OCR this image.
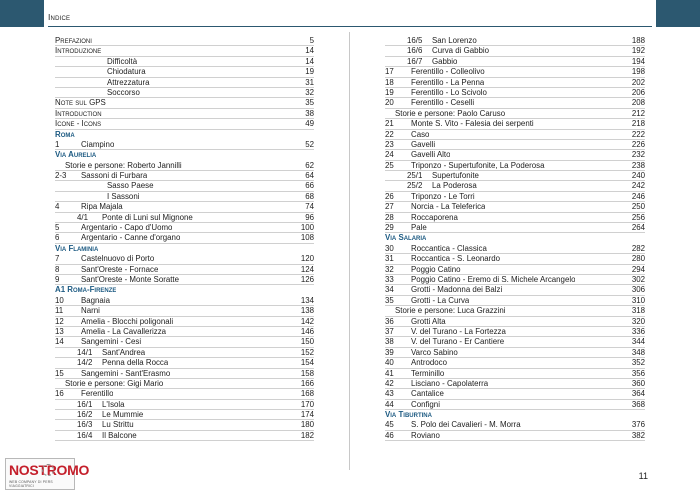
Indice
Prefazioni	5
Introduzione	14
Difficoltà	14
Chiodatura	19
Attrezzatura	31
Soccorso	32
Note sul GPS	35
Introduction	38
Icone - Icons	49
Roma
1	Ciampino	52
Via Aurelia
Storie e persone: Roberto Jannilli	62
2-3	Sassoni di Furbara	64
Sasso Paese	66
I Sassoni	68
4	Ripa Majala	74
4/1	Ponte di Luni sul Mignone	96
5	Argentario - Capo d'Uomo	100
6	Argentario - Canne d'organo	108
Via Flaminia
7	Castelnuovo di Porto	120
8	Sant'Oreste - Fornace	124
9	Sant'Oreste - Monte Soratte	126
A1 Roma-Firenze
10	Bagnaia	134
11	Narni	138
12	Amelia - Blocchi poligonali	142
13	Amelia - La Cavallerizza	146
14	Sangemini - Cesi	150
14/1	Sant'Andrea	152
14/2	Penna della Rocca	154
15	Sangemini - Sant'Erasmo	158
Storie e persone: Gigi Mario	166
16	Ferentillo	168
16/1	L'Isola	170
16/2	Le Mummie	174
16/3	Lu Strittu	180
16/4	Il Balcone	182
16/5	San Lorenzo	188
16/6	Curva di Gabbio	192
16/7	Gabbio	194
17	Ferentillo - Colleolivo	198
18	Ferentillo - La Penna	202
19	Ferentillo - Lo Scivolo	206
20	Ferentillo - Ceselli	208
Storie e persone: Paolo Caruso	212
21	Monte S. Vito - Falesia dei serpenti	218
22	Caso	222
23	Gavelli	226
24	Gavelli Alto	232
25	Triponzo - Supertufonite, La Poderosa	238
25/1	Supertufonite	240
25/2	La Poderosa	242
26	Triponzo - Le Torri	246
27	Norcia - La Teleferica	250
28	Roccaporena	256
29	Pale	264
Via Salaria
30	Roccantica - Classica	282
31	Roccantica - S. Leonardo	280
32	Poggio Catino	294
33	Poggio Catino - Eremo di S. Michele Arcangelo	302
34	Grotti - Madonna dei Balzi	306
35	Grotti - La Curva	310
Storie e persone: Luca Grazzini	318
36	Grotti Alta	320
37	V. del Turano - La Fortezza	336
38	V. del Turano - Er Cantiere	344
39	Varco Sabino	348
40	Antrodoco	352
41	Terminillo	356
42	Lisciano - Capolaterra	360
43	Cantalice	364
44	Configni	368
Via Tiburtina
45	S. Polo dei Cavalieri - M. Morra	376
46	Roviano	382
11
NOSTROMO
WEB COMPANY DI PERS VIAGGIATRICI
